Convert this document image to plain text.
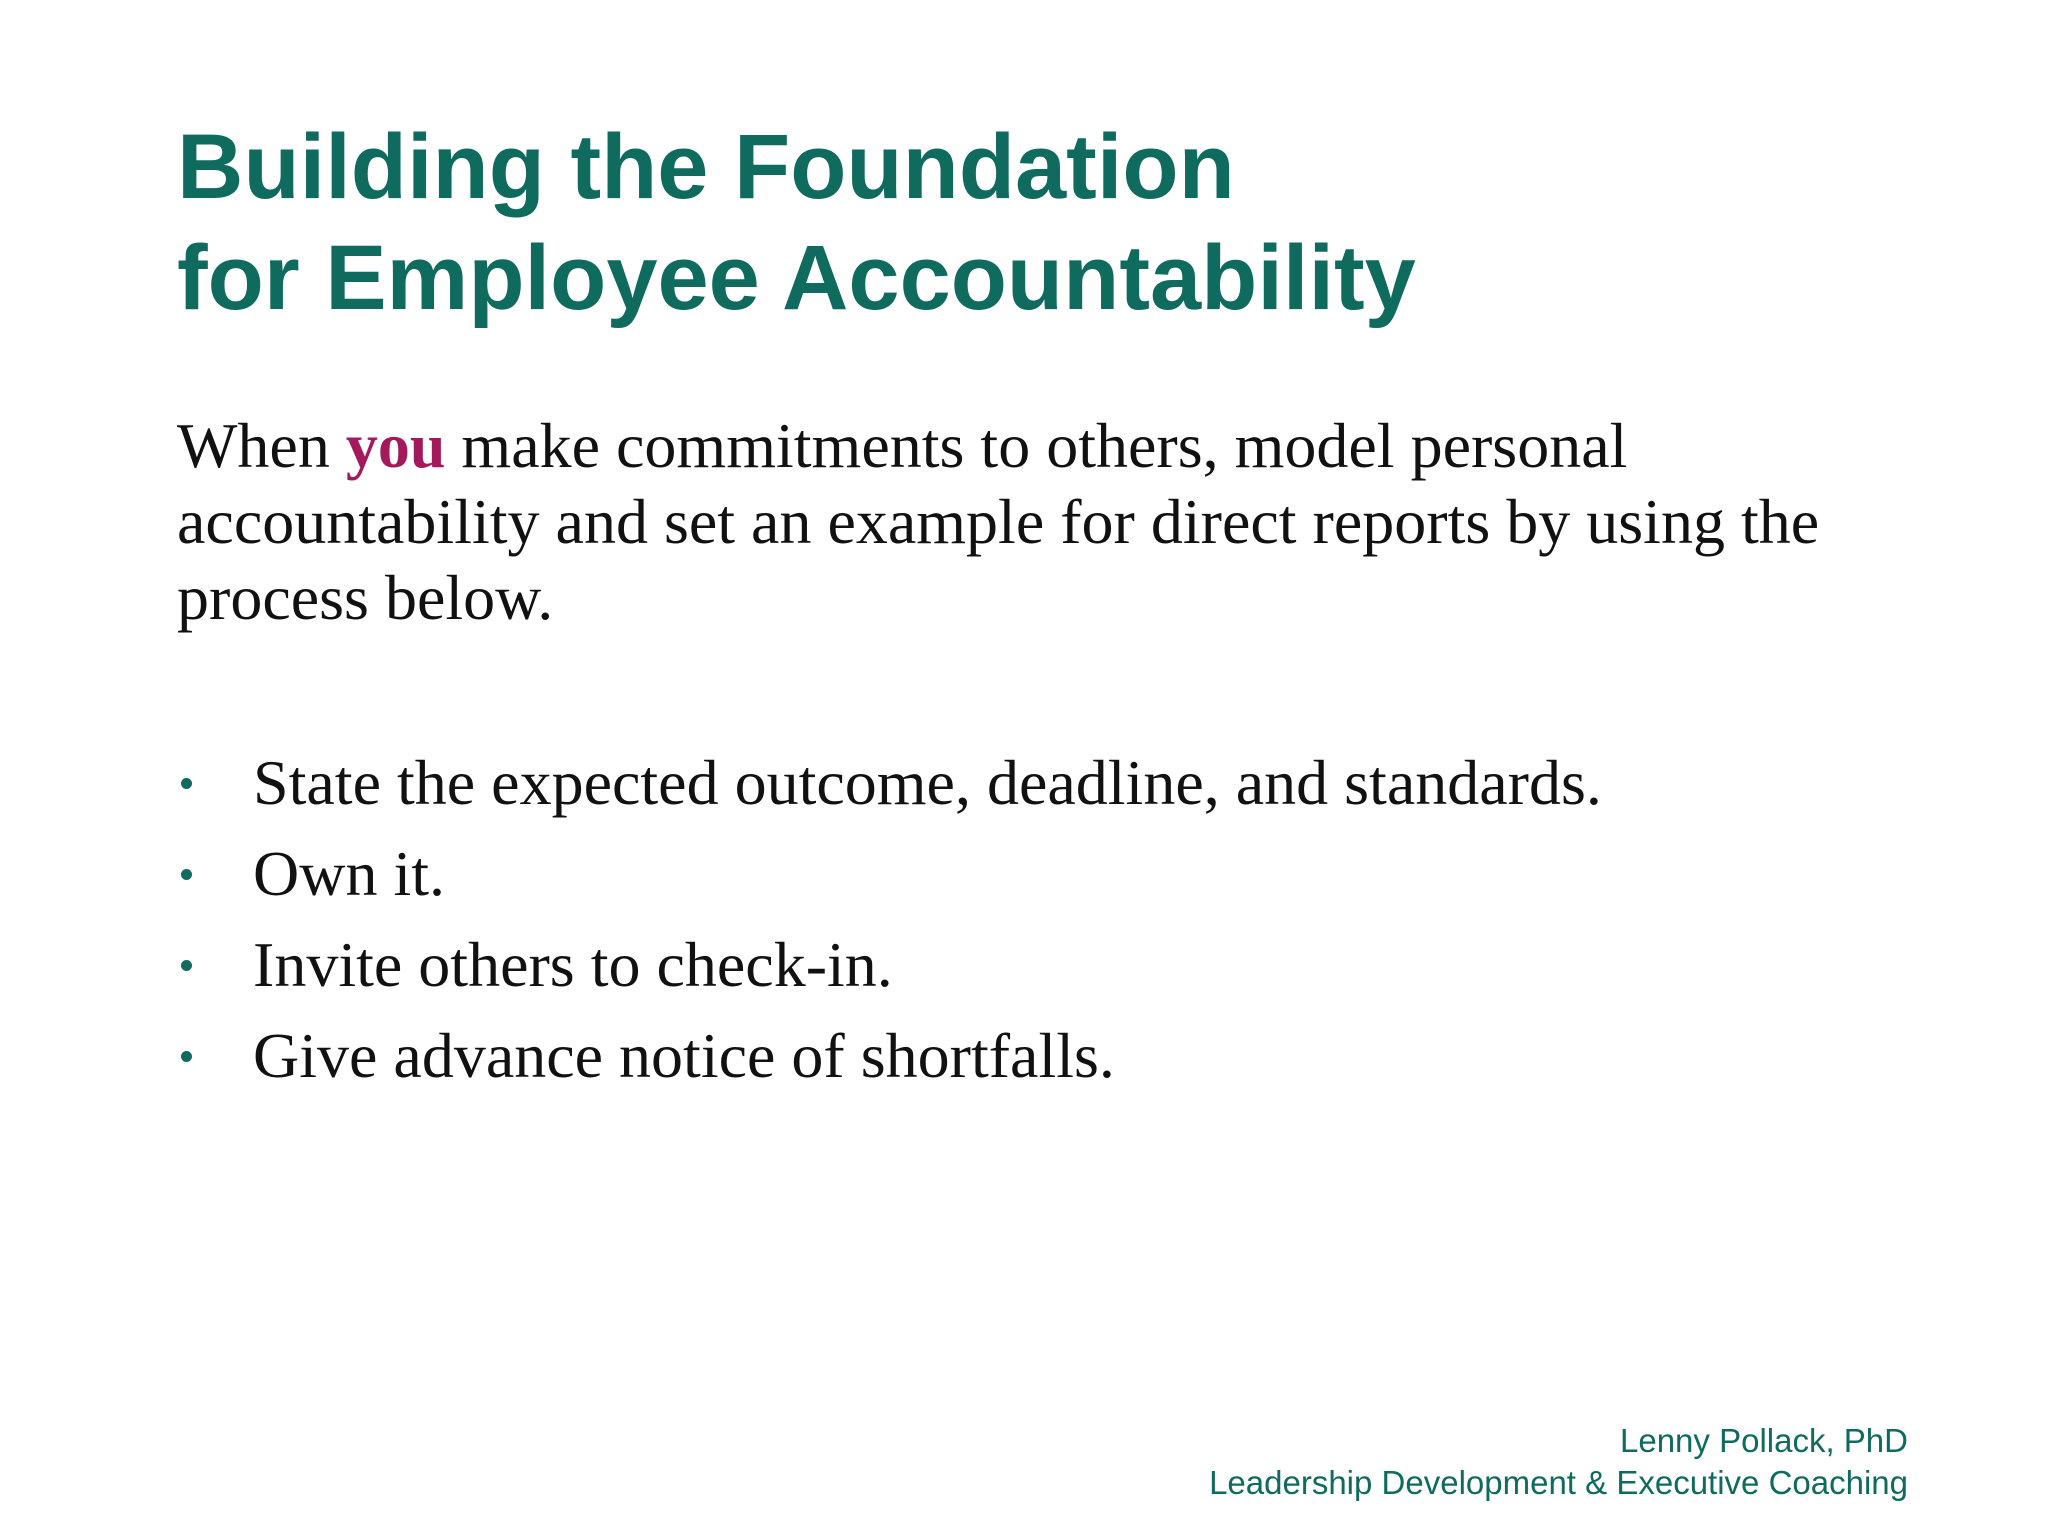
Building the Foundation
for Employee Accountability

When you make commitments to others, model personal accountability and set an example for direct reports by using the process below.

State the expected outcome, deadline, and standards.
Own it.
Invite others to check-in.
Give advance notice of shortfalls.
Lenny Pollack, PhD
Leadership Development & Executive Coaching
